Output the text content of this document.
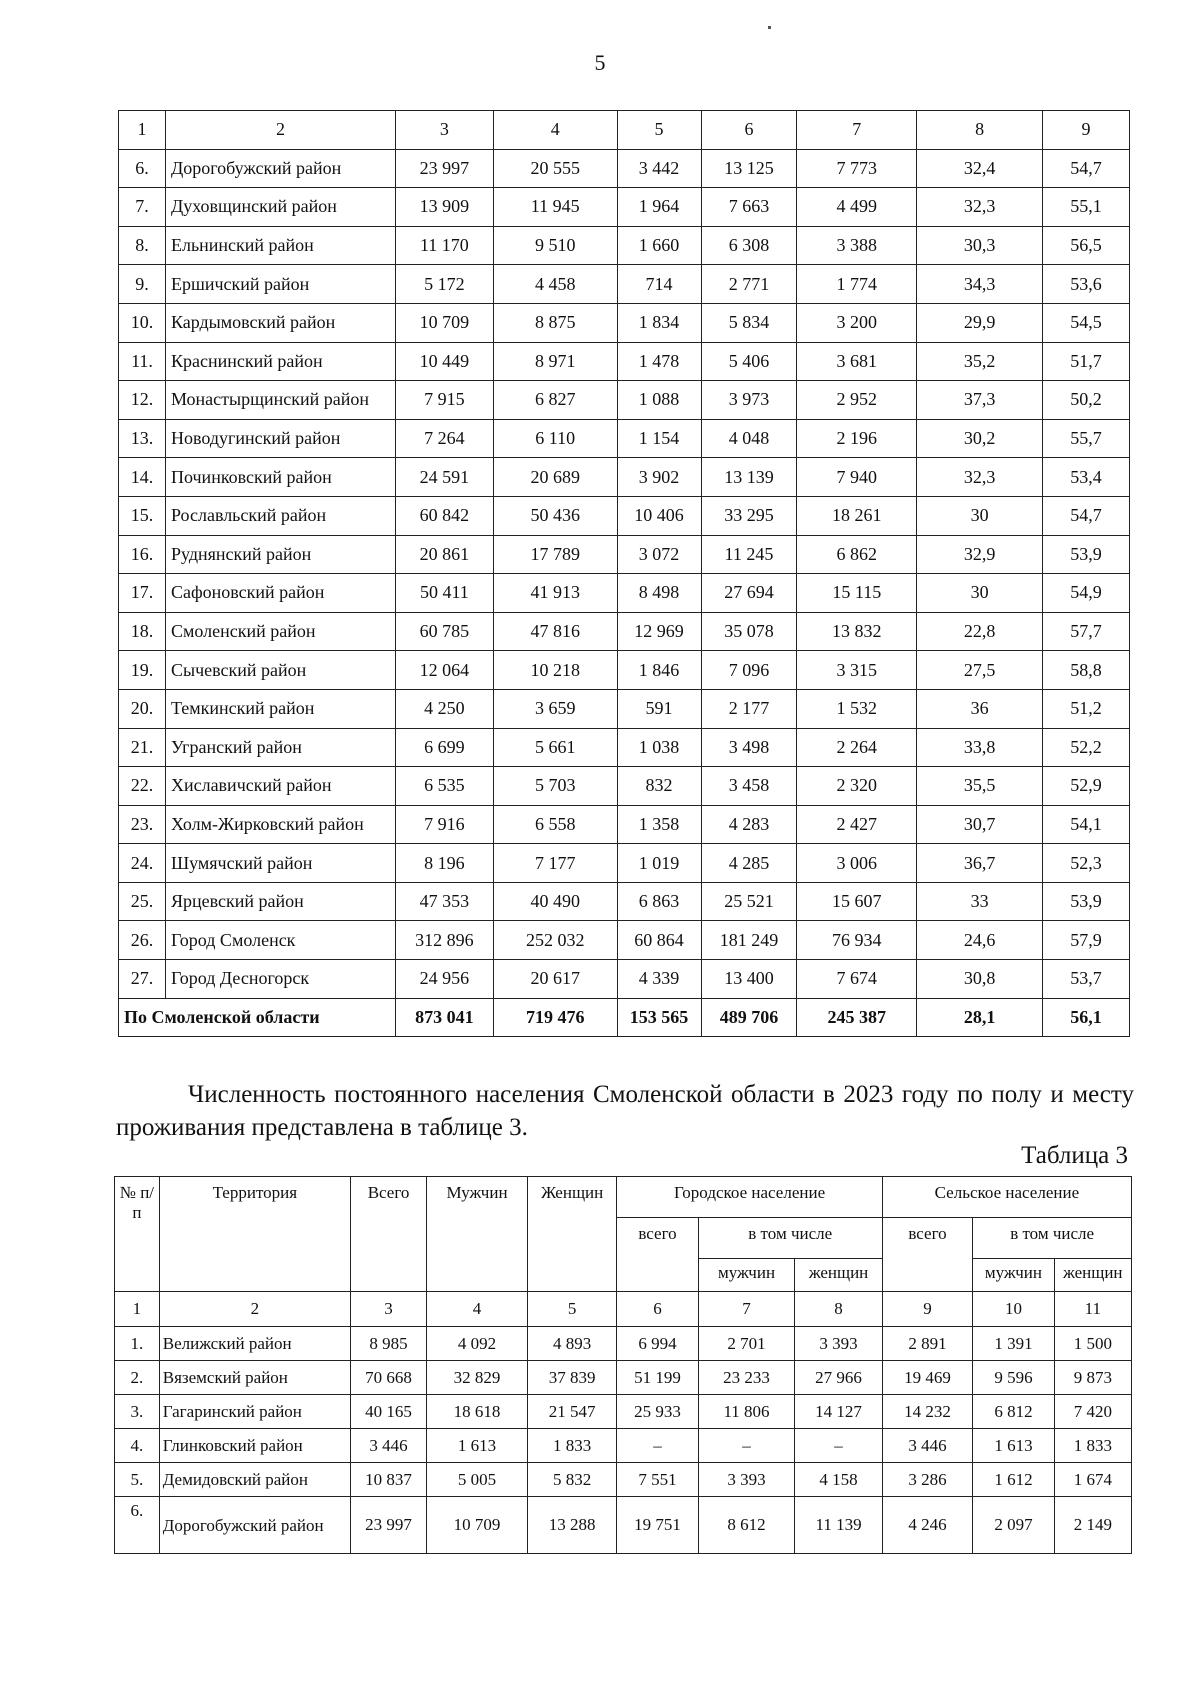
5
1	2	3	4	5	6	7	8	9
6.	Дорогобужский район	23 997	20 555	3 442	13 125	7 773	32,4	54,7
7.	Духовщинский район	13 909	11 945	1 964	7 663	4 499	32,3	55,1
8.	Ельнинский район	11 170	9 510	1 660	6 308	3 388	30,3	56,5
9.	Ершичский район	5 172	4 458	714	2 771	1 774	34,3	53,6
10.	Кардымовский район	10 709	8 875	1 834	5 834	3 200	29,9	54,5
11.	Краснинский район	10 449	8 971	1 478	5 406	3 681	35,2	51,7
12.	Монастырщинский район	7 915	6 827	1 088	3 973	2 952	37,3	50,2
13.	Новодугинский район	7 264	6 110	1 154	4 048	2 196	30,2	55,7
14.	Починковский район	24 591	20 689	3 902	13 139	7 940	32,3	53,4
15.	Рославльский район	60 842	50 436	10 406	33 295	18 261	30	54,7
16.	Руднянский район	20 861	17 789	3 072	11 245	6 862	32,9	53,9
17.	Сафоновский район	50 411	41 913	8 498	27 694	15 115	30	54,9
18.	Смоленский район	60 785	47 816	12 969	35 078	13 832	22,8	57,7
19.	Сычевский район	12 064	10 218	1 846	7 096	3 315	27,5	58,8
20.	Темкинский район	4 250	3 659	591	2 177	1 532	36	51,2
21.	Угранский район	6 699	5 661	1 038	3 498	2 264	33,8	52,2
22.	Хиславичский район	6 535	5 703	832	3 458	2 320	35,5	52,9
23.	Холм-Жирковский район	7 916	6 558	1 358	4 283	2 427	30,7	54,1
24.	Шумячский район	8 196	7 177	1 019	4 285	3 006	36,7	52,3
25.	Ярцевский район	47 353	40 490	6 863	25 521	15 607	33	53,9
26.	Город Смоленск	312 896	252 032	60 864	181 249	76 934	24,6	57,9
27.	Город Десногорск	24 956	20 617	4 339	13 400	7 674	30,8	53,7
По Смоленской области		873 041	719 476	153 565	489 706	245 387	28,1	56,1

Численность постоянного населения Смоленской области в 2023 году по полу и месту проживания представлена в таблице 3.

Таблица 3

№ п/п	Территория	Всего	Мужчин	Женщин	Городское население			Сельское население		
					всего	в том числе		всего	в том числе	
						мужчин	женщин		мужчин	женщин
1	2	3	4	5	6	7	8	9	10	11
1.	Велижский район	8 985	4 092	4 893	6 994	2 701	3 393	2 891	1 391	1 500
2.	Вяземский район	70 668	32 829	37 839	51 199	23 233	27 966	19 469	9 596	9 873
3.	Гагаринский район	40 165	18 618	21 547	25 933	11 806	14 127	14 232	6 812	7 420
4.	Глинковский район	3 446	1 613	1 833	–	–	–	3 446	1 613	1 833
5.	Демидовский район	10 837	5 005	5 832	7 551	3 393	4 158	3 286	1 612	1 674
6.	Дорогобужский район	23 997	10 709	13 288	19 751	8 612	11 139	4 246	2 097	2 149
